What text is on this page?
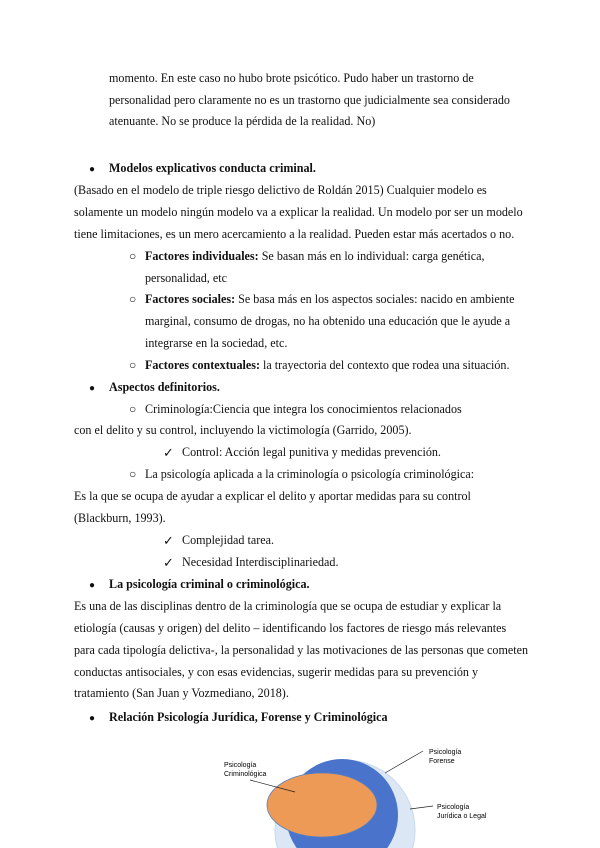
momento. En este caso no hubo brote psicótico. Pudo haber un trastorno de
personalidad pero claramente no es un trastorno que judicialmente sea considerado
atenuante. No se produce la pérdida de la realidad. No)
● Modelos explicativos conducta criminal.
(Basado en el modelo de triple riesgo delictivo de Roldán 2015) Cualquier modelo es
solamente un modelo ningún modelo va a explicar la realidad. Un modelo por ser un modelo
tiene limitaciones, es un mero acercamiento a la realidad. Pueden estar más acertados o no.
○ Factores individuales: Se basan más en lo individual: carga genética,
personalidad, etc
○ Factores sociales: Se basa más en los aspectos sociales: nacido en ambiente
marginal, consumo de drogas, no ha obtenido una educación que le ayude a
integrarse en la sociedad, etc.
○ Factores contextuales: la trayectoria del contexto que rodea una situación.
● Aspectos definitorios.
○ Criminología:Ciencia que integra los conocimientos relacionados
con el delito y su control, incluyendo la victimología (Garrido, 2005).
✓ Control: Acción legal punitiva y medidas prevención.
○ La psicología aplicada a la criminología o psicología criminológica:
Es la que se ocupa de ayudar a explicar el delito y aportar medidas para su control
(Blackburn, 1993).
✓ Complejidad tarea.
✓ Necesidad Interdisciplinariedad.
● La psicología criminal o criminológica.
Es una de las disciplinas dentro de la criminología que se ocupa de estudiar y explicar la
etiología (causas y origen) del delito – identificando los factores de riesgo más relevantes
para cada tipología delictiva-, la personalidad y las motivaciones de las personas que cometen
conductas antisociales, y con esas evidencias, sugerir medidas para su prevención y
tratamiento (San Juan y Vozmediano, 2018).
● Relación Psicología Jurídica, Forense y Criminológica
Psicología
Criminológica
Psicología
Forense
Psicología
Jurídica o Legal
